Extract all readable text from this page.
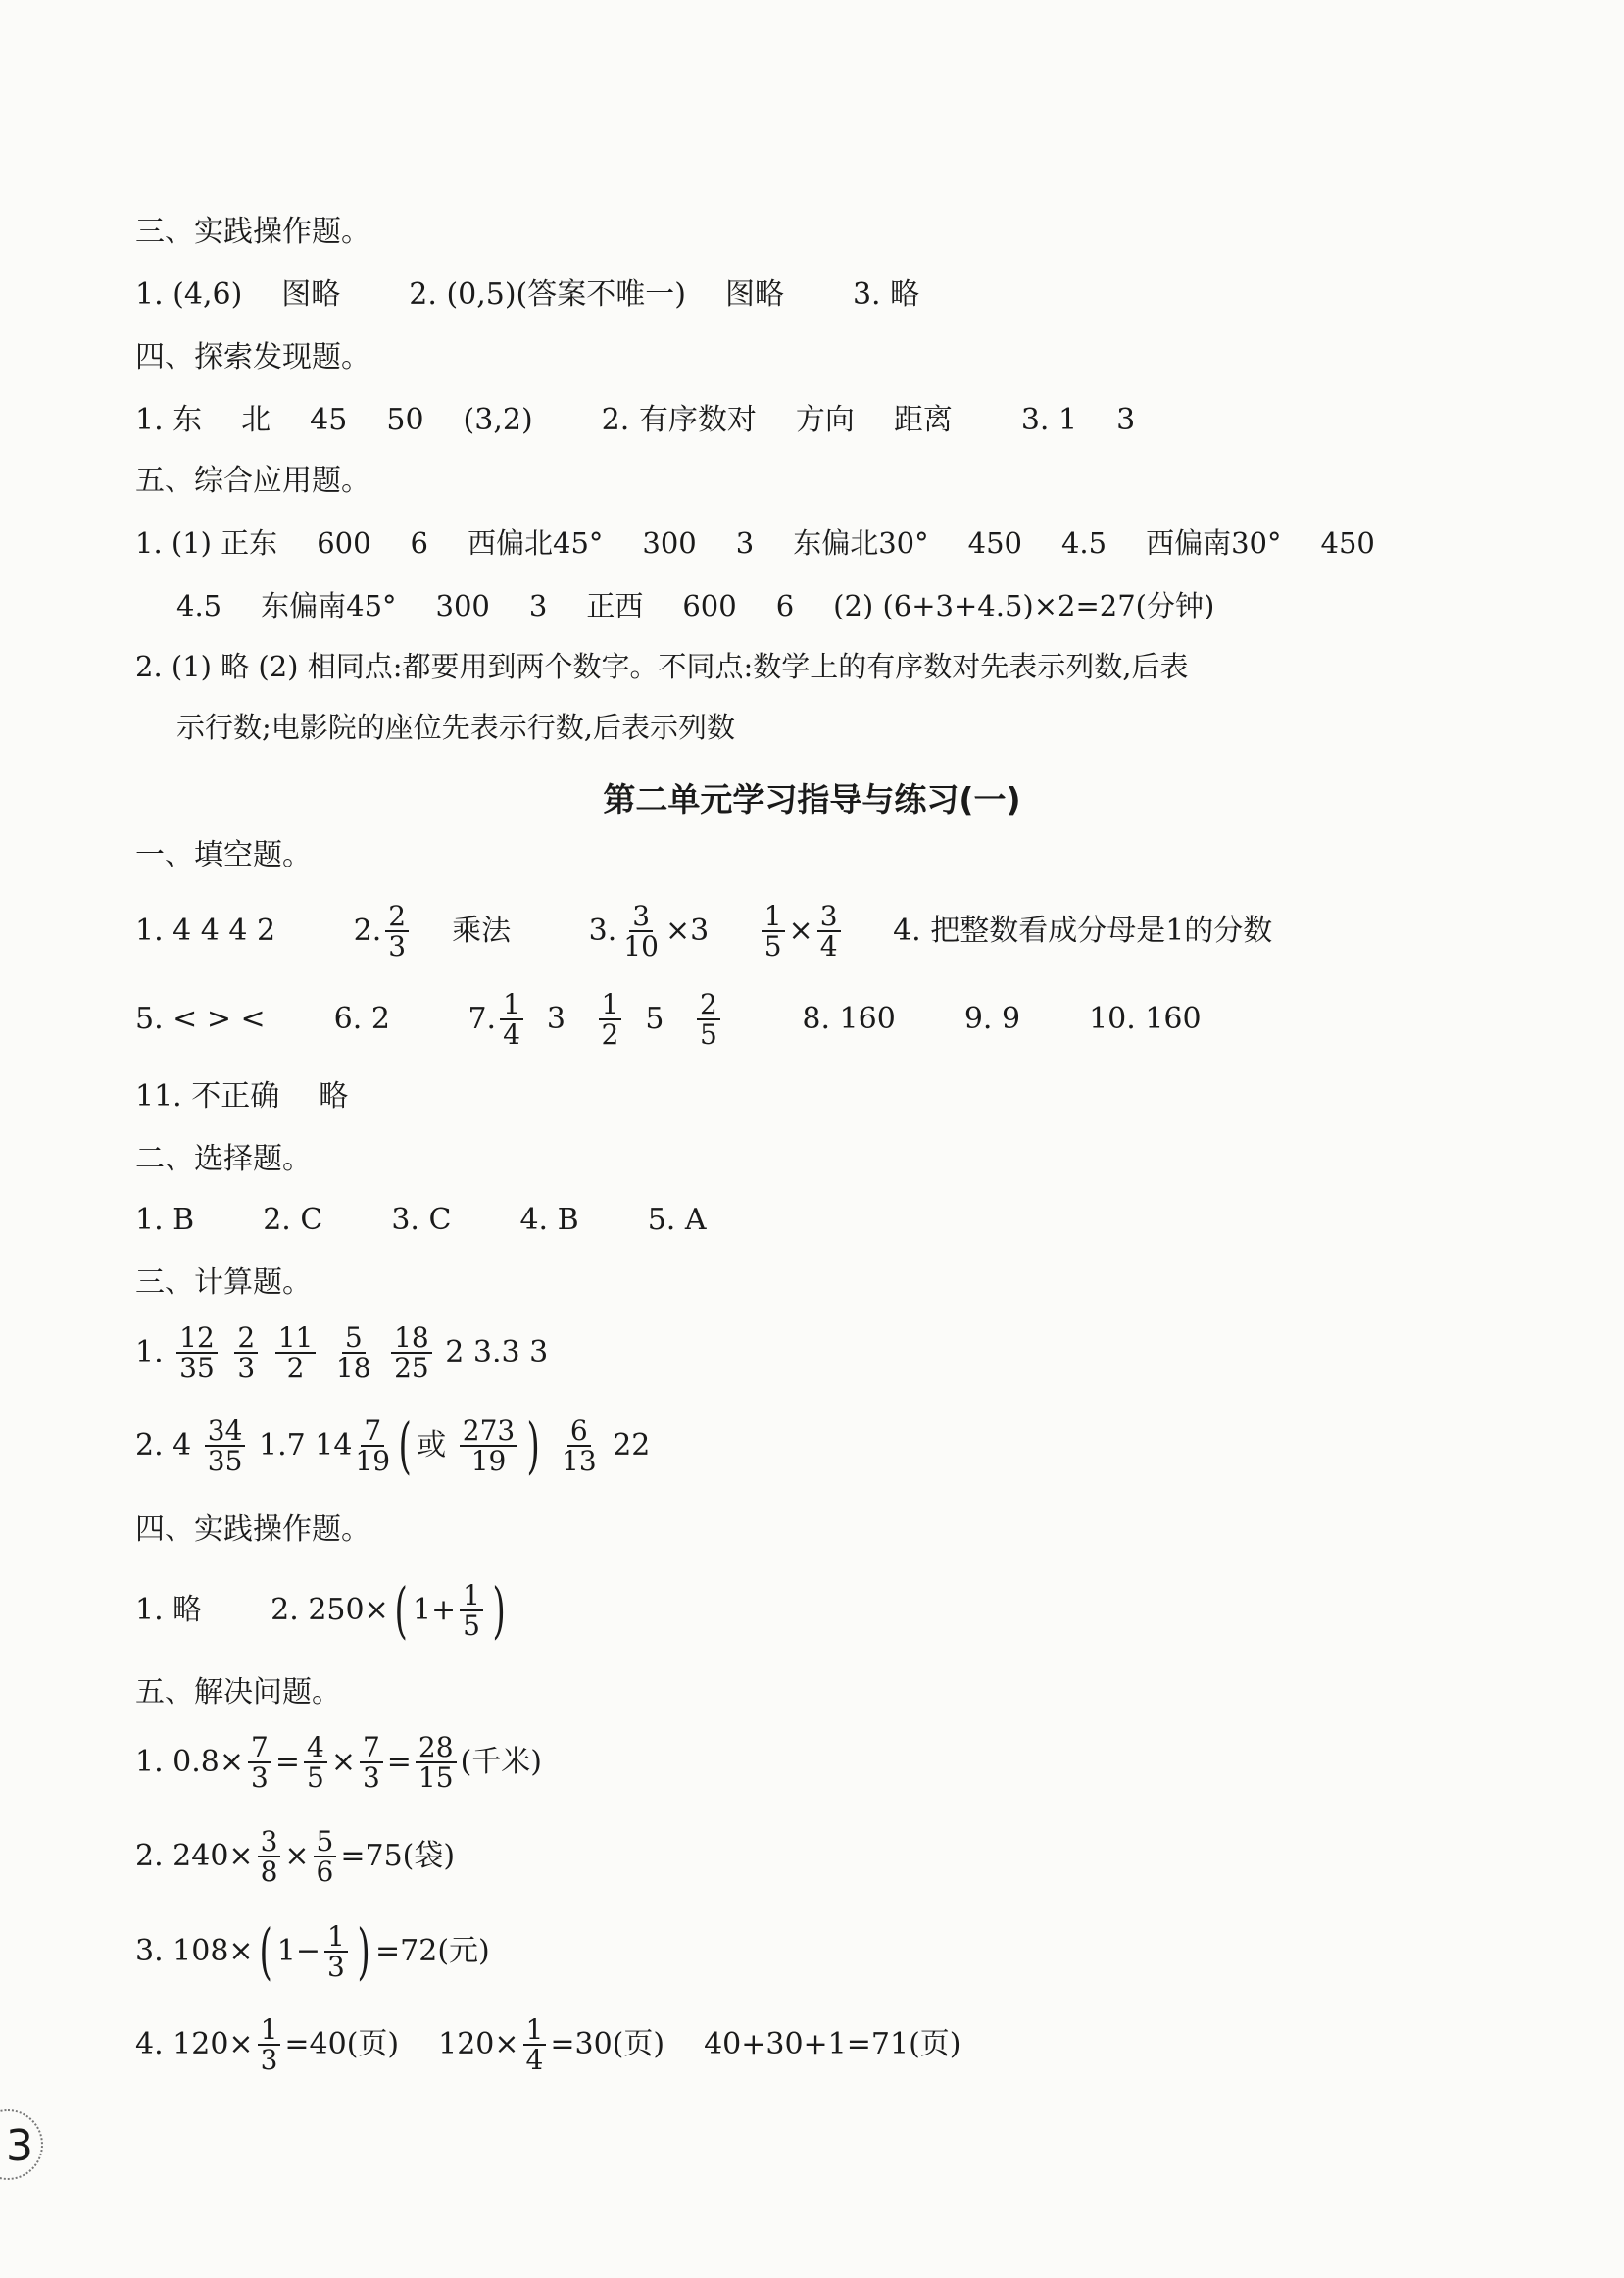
三、实践操作题。
1. (4,6) 图略 2. (0,5)(答案不唯一) 图略 3. 略
四、探索发现题。
1. 东 北 45 50 (3,2) 2. 有序数对 方向 距离 3. 1 3
五、综合应用题。
1. (1) 正东 600 6 西偏北45° 300 3 东偏北30° 450 4.5 西偏南30° 450
4.5 东偏南45° 300 3 正西 600 6 (2) (6+3+4.5)×2=27(分钟)
2. (1) 略 (2) 相同点:都要用到两个数字。不同点:数学上的有序数对先表示列数,后表
示行数;电影院的座位先表示行数,后表示列数
第二单元学习指导与练习(一)
一、填空题。
1. 4 4 4 2	2. $\frac{2}{3}$ 乘法	3. $\frac{3}{10} \times 3 \frac{1}{5} \times \frac{3}{4} 4$. 把整数看成分母是1的分数
5. < > < 6. 2	7. $\frac{1}{4} 3 \frac{1}{2} 5 \frac{2}{5}$	8. 160 9. 9 10. 160
11. 不正确 略
二、选择题。
1. B 2. C 3. C 4. B 5. A
三、计算题。
1. $\frac{12}{35}$
$\frac{2}{3}$
$\frac{11}{2}$
$\frac{5}{18}$
$\frac{18}{25} 2$ 3.3 3
2. $4 \frac{34}{35} 1.7$ $14 \frac{7}{19}$ ( 或 $\frac{273}{19}$ ) $\frac{6}{13} 22$
四、实践操作题。
1. 略 2. 250×( $1+ \frac{1}{5}$ )
五、解决问题。
1. $0.8\times \frac{7}{3} = \frac{4}{5} \times \frac{7}{3} = \frac{28}{15}$ (千米)
2. $240\times \frac{3}{8} \times \frac{5}{6} =75$(袋)
3. 108×( $1- \frac{1}{3}$ ) =72(元)
4. $120\times \frac{1}{3} =40$(页) $120\times \frac{1}{4} =30$(页) 40+30+1=71(页)
3
